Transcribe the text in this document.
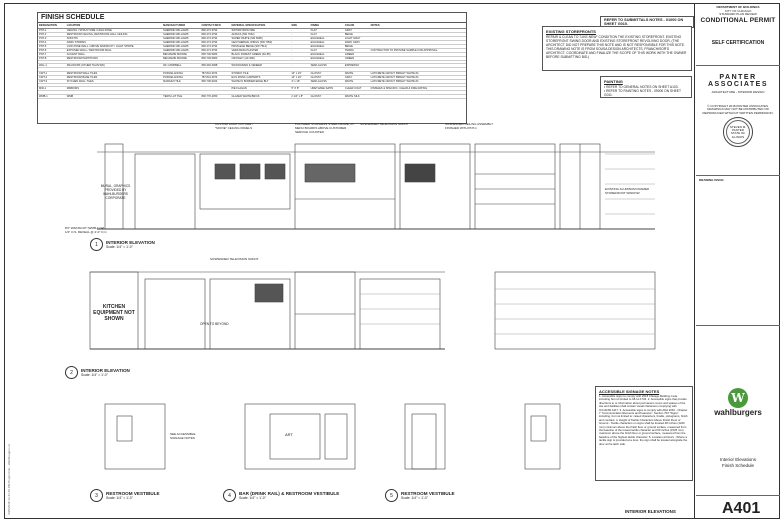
FINISH SCHEDULE
DESIGNATION	LOCATION	MANUFACTURER	CONTACT INFO	MATERIAL SPECIFICATION	SIZE	FINISH	COLOR	NOTES
PNT-1	CEILING / STRUCTURE / HIGH ZONE	SHERWIN WILLIAMS	800.474.3794	SW7069 IRON ORE	-	FLAT	GRAY	
PNT-2	RESTROOM CEILING, RESTROOM HALL CEILING	SHERWIN WILLIAMS	800.474.3794	ALPACA (SW 7022)	-	FLAT	BEIGE	
PNT-3	SOFFITS	SHERWIN WILLIAMS	800.474.3794	SUPER WHITE (SW 6995)	-	EGGSHELL	LIGHT GRAY	
PNT-4	DARK STRIPES	SHERWIN WILLIAMS	800.474.3794	GEOTHERMAL WINGS (SW 7052)	-	EGGSHELL	DARK GRAY	
PNT-5	LOW ZONE WALL / ABOVE WAINSCOT / LIGHT STRIPE	SHERWIN WILLIAMS	800.474.3794	PRIVILEGE BEIGE (SW 7512)	-	EGGSHELL	BEIGE	
PNT-6	EXPOSED WALL / RESTROOM WALL	SHERWIN WILLIAMS	800.474.3794	VERATANIA PLASTER	-	FLAT	TERRA	CONTRACTOR TO PROVIDE SAMPLE FOR APPROVAL
PNT-7	ACCENT WALL	BENJAMIN MOORE	800.749.5960	BLACK FOREST GREEN (FA-58)	-	EGGSHELL	GREEN	
PNT-8	RESTROOM PARTITIONS	BENJAMIN MOORE	800.749.5960	CROSLEY (AF-590)	-	EGGSHELL	GREEN	

WAL-1	MILLWORK (OTHER THAN WD)	WL CAMPBELL	800.394.3098	WOODGRAIN & VENEER	-	SEMI-GLOSS	ESPRESSO	

CWT-1	RESTROOM WALL TILES	PORCELANOSA	787.841.3074	STOWAY TILE	12" x 24"	GLOSSY	WHITE	LATICRETE GROUT: BRIGHT WHITE #4
CWT-2	RESTROOM BASE TILES	PORCELANOSA	787.841.3074	ECO ZINNC CARTERTS	12" x 24"	GLOSSY	GRAY	LATICRETE GROUT: BRIGHT WHITE #4
CWT-3	KITCHEN WALL TILES	MARAZZI TILE	800.736.9324	WHITE IN BORDER EDGE BLT	4" x 16"	SEMI-GLOSS	WHITE	LATICRETE GROUT: BRIGHT WHITE #4

MIR-1	MIRRORS			PIE FLAGAN	5" X 8"	URETHANE SATIN	CLEAR COAT	FINISHES & SPECIFIC. CLEAR & FIRE RATING

WMB-1	WMB	TERIS LAT TILE	800.770.4350	GLAZED WHITE BRICK	2 1/4" x 8"	GLOSSY	WHITE SILK	
REFER TO SUBMITTALS NOTES - 01000 ON SHEET G010.
EXISTING STOREFRONTS
REPAIR & CLEAN TO "LIKE-NEW" CONDITION THE EXISTING STOREFRONT. EXISTING STOREFRONT SWING DOOR AND EXISTING STOREFRONT REVOLVING DOOR. (THE ARCHITECT DID NOT PREPARE THIS NOTE AND IS NOT RESPONSIBLE FOR THIS NOTE. THIS DRAWING NOTE IS FROM SOUSA DESIGN ARCHITECTS, FRANCHISOR'S ARCHITECT. COORDINATE AND FINALIZE THE SCOPE OF THIS WORK WITH THE OWNER BEFORE SUBMITTING BID.)
PAINTING
• REFER TO GENERAL NOTES ON SHEET A103.
• REFER TO PAINTING NOTES - 09000 ON SHEET G011.
MURAL, GRAPHICS PROVIDED BY WAHLBURGERS CORPORATE
KITCHEN EQUIPMENT NOT SHOWN
CUSTOM LIGHT FIXTURE - "MOVIE" CEILING PANELS
POLISHED STAINLESS STEEL FRAME, AT MENU BOARDS ABOVE CUSTOMER SERVICE COUNTER
SUSPENDED TELEVISION SOFFIT	SUSPENDED CEILING ASSEMBLY FINISHED WITH PNT-1
EXISTING ALUMINUM FRAMED STOREFRONT WINDOW
8'0" WAINSCOT (WMB-1) W/ 1/2" O.S. REVEAL @ 4'-0" O.C.
SUSPENDED TELEVISION SOFFIT
OPEN TO BEYOND
ART
SEE ACCESSIBLE SIGNAGE NOTES
1	INTERIOR ELEVATION
Scale: 1/4" = 1'-0"
2	INTERIOR ELEVATION
Scale: 1/4" = 1'-0"
3	RESTROOM VESTIBULE
Scale: 1/4" = 1'-0"	4	BAR (DRINK RAIL) & RESTROOM VESTIBULE
Scale: 1/4" = 1'-0"	5	RESTROOM VESTIBULE
Scale: 1/4" = 1'-0"
ACCESSIBLE SIGNAGE NOTES
1. Accessible signs to comply with 2018 Chicago Building Code including but not limited to 18-11-1703. 2. Accessible signs that provide directions to or information about permanent rooms and spaces of the site and facilities shall contain visual characters complying with ICC/ANSI A117. 3. Accessible signs to comply with ADA 2010 - Chapter 7 "Communication Elements and Features", Section 703 "Signs" including, but not limited to: raised characters, braille, pictograms, finish and contrast. 4. Height of Tactile Characters Above Finish Floor or Ground - Tactile characters on signs shall be located 48 inches (1220 mm) minimum above the finish floor or ground surface, measured from the baseline of the lowest tactile character and 60 inches (1525 mm) maximum above the finish floor or ground surface, measured from the baseline of the highest tactile character. 5. Location at Doors - Where a tactile sign is provided at a door, the sign shall be located alongside the door at the latch side.
INTERIOR ELEVATIONS
6/25/2018 12:41:10 PM Project File - Wahlburgers.rvt
DEPARTMENT OF BUILDINGS
CITY OF CHICAGO
STANDARD PLAN REVIEW
CONDITIONAL PERMIT
SELF CERTIFICATION
PANTER ASSOCIATES
ARCHITECTURE - INTERIOR DESIGN
© COPYRIGHT 2018 PANTER ASSOCIATES. DRAWINGS MAY NOT BE DISTRIBUTED OR REPRODUCED WITHOUT WRITTEN PERMISSION.
STEVEN M. PANTER
STATE OF ILLINOIS
DRAWING ISSUE:
W
wahlburgers
Interior Elevations
Finish Schedule
A401
